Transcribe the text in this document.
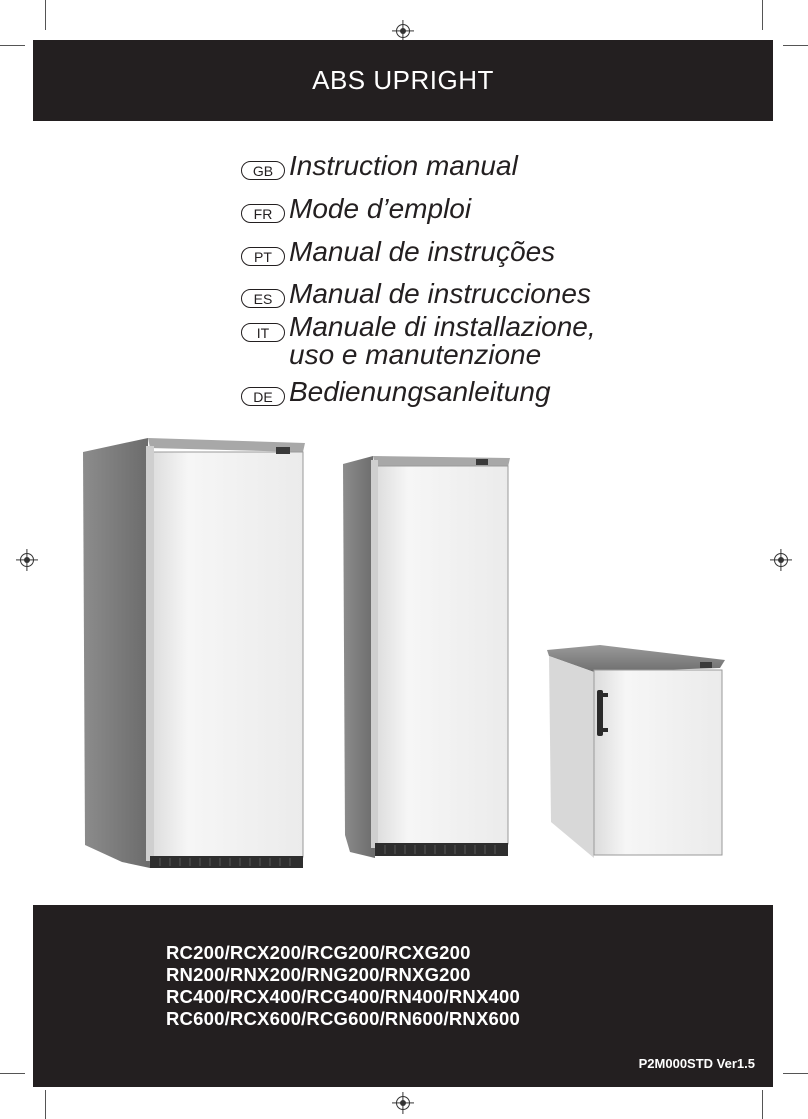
ABS UPRIGHT
GB Instruction manual
FR Mode d’emploi
PT Manual de instruções
ES Manual de instrucciones
IT Manuale di installazione,
uso e manutenzione
DE Bedienungsanleitung
RC200/RCX200/RCG200/RCXG200
RN200/RNX200/RNG200/RNXG200
RC400/RCX400/RCG400/RN400/RNX400
RC600/RCX600/RCG600/RN600/RNX600
P2M000STD Ver1.5
